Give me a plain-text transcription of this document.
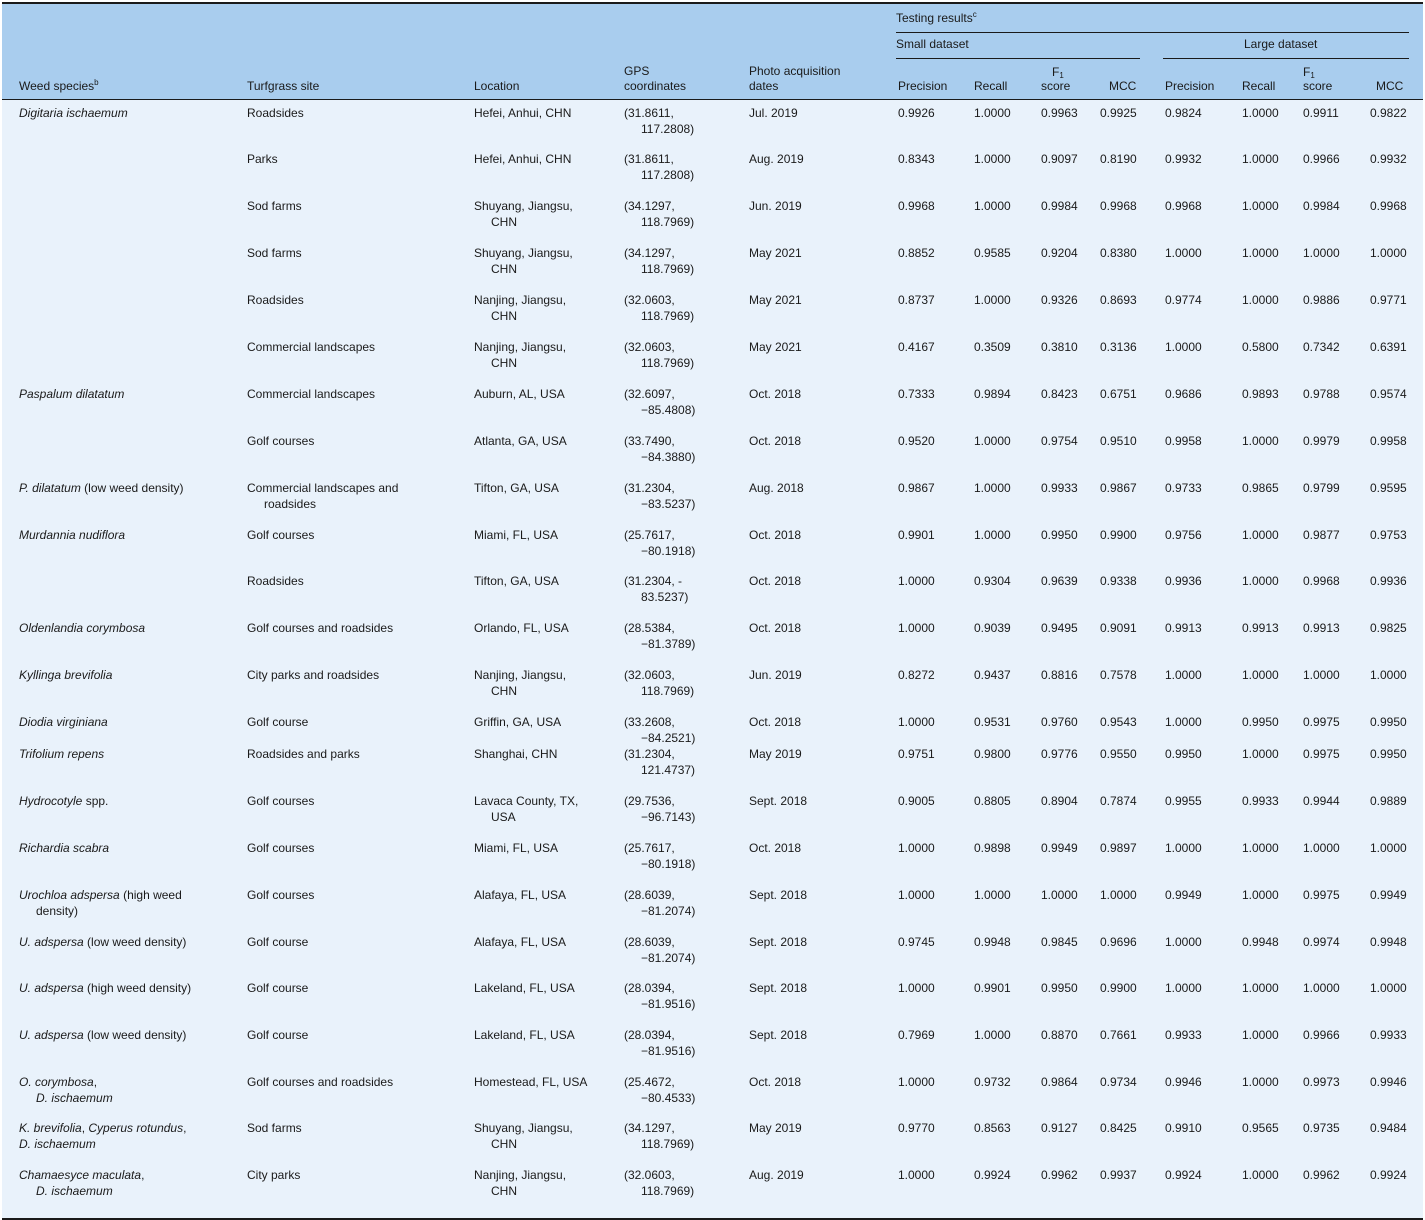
Testing results$^c$
Small dataset	Large dataset
Weed species$^b$	Turfgrass site	Location
GPS
coordinates
Photo acquisition
dates	Precision Recall
$F_1$
score	MCC Precision Recall
$F_1$
score	MCC
Digitaria ischaemum	Roadsides	Hefei, Anhui, CHN	(31.8611,
117.2808)
Jul. 2019	0.9926	1.0000	0.9963 0.9925 0.9824	1.0000 0.9911	0.9822
Parks	Hefei, Anhui, CHN	(31.8611,
117.2808)
Aug. 2019	0.8343	1.0000	0.9097 0.8190 0.9932	1.0000 0.9966	0.9932
Sod farms	Shuyang, Jiangsu,
CHN
(34.1297,
118.7969)
Jun. 2019	0.9968	1.0000	0.9984 0.9968 0.9968	1.0000 0.9984	0.9968
Sod farms	Shuyang, Jiangsu,
CHN
(34.1297,
118.7969)
May 2021	0.8852	0.9585	0.9204 0.8380 1.0000	1.0000 1.0000	1.0000
Roadsides	Nanjing, Jiangsu,
CHN
(32.0603,
118.7969)
May 2021	0.8737	1.0000	0.9326 0.8693 0.9774	1.0000 0.9886	0.9771
Commercial landscapes	Nanjing, Jiangsu,
CHN
(32.0603,
118.7969)
May 2021	0.4167	0.3509	0.3810 0.3136 1.0000	0.5800 0.7342	0.6391
Paspalum dilatatum	Commercial landscapes	Auburn, AL, USA	(32.6097,
−85.4808)
Oct. 2018	0.7333	0.9894	0.8423 0.6751 0.9686	0.9893 0.9788	0.9574
Golf courses	Atlanta, GA, USA	(33.7490,
−84.3880)
Oct. 2018	0.9520	1.0000	0.9754 0.9510 0.9958	1.0000 0.9979	0.9958
P. dilatatum (low weed density)	Commercial landscapes and
roadsides
Tifton, GA, USA	(31.2304,
−83.5237)
Aug. 2018	0.9867	1.0000	0.9933 0.9867 0.9733	0.9865 0.9799	0.9595
Murdannia nudiflora	Golf courses	Miami, FL, USA	(25.7617,
−80.1918)
Oct. 2018	0.9901	1.0000	0.9950 0.9900 0.9756	1.0000 0.9877	0.9753
Roadsides	Tifton, GA, USA	(31.2304, -
83.5237)
Oct. 2018	1.0000	0.9304	0.9639 0.9338 0.9936	1.0000 0.9968	0.9936
Oldenlandia corymbosa	Golf courses and roadsides	Orlando, FL, USA	(28.5384,
−81.3789)
Oct. 2018	1.0000	0.9039	0.9495 0.9091 0.9913	0.9913 0.9913	0.9825
Kyllinga brevifolia	City parks and roadsides	Nanjing, Jiangsu,
CHN
(32.0603,
118.7969)
Jun. 2019	0.8272	0.9437	0.8816 0.7578 1.0000	1.0000 1.0000	1.0000
Diodia virginiana	Golf course	Griffin, GA, USA	(33.2608,
−84.2521)
Oct. 2018	1.0000	0.9531	0.9760 0.9543 1.0000	0.9950 0.9975	0.9950
Trifolium repens	Roadsides and parks	Shanghai, CHN	(31.2304,
121.4737)
May 2019	0.9751	0.9800	0.9776 0.9550 0.9950	1.0000 0.9975	0.9950
Hydrocotyle spp.	Golf courses	Lavaca County, TX,
USA
(29.7536,
−96.7143)
Sept. 2018	0.9005	0.8805	0.8904 0.7874 0.9955	0.9933 0.9944	0.9889
Richardia scabra	Golf courses	Miami, FL, USA	(25.7617,
−80.1918)
Oct. 2018	1.0000	0.9898	0.9949 0.9897 1.0000	1.0000 1.0000	1.0000
Urochloa adspersa (high weed
density)
Golf courses	Alafaya, FL, USA	(28.6039,
−81.2074)
Sept. 2018	1.0000	1.0000	1.0000 1.0000 0.9949	1.0000 0.9975	0.9949
U. adspersa (low weed density)	Golf course	Alafaya, FL, USA	(28.6039,
−81.2074)
Sept. 2018	0.9745	0.9948	0.9845 0.9696 1.0000	0.9948 0.9974	0.9948
U. adspersa (high weed density)	Golf course	Lakeland, FL, USA	(28.0394,
−81.9516)
Sept. 2018	1.0000	0.9901	0.9950 0.9900 1.0000	1.0000 1.0000	1.0000
U. adspersa (low weed density)	Golf course	Lakeland, FL, USA	(28.0394,
−81.9516)
Sept. 2018	0.7969	1.0000	0.8870 0.7661 0.9933	1.0000 0.9966	0.9933
O. corymbosa,
D. ischaemum
Golf courses and roadsides	Homestead, FL, USA	(25.4672,
−80.4533)
Oct. 2018	1.0000	0.9732	0.9864 0.9734 0.9946	1.0000 0.9973	0.9946
K. brevifolia, Cyperus rotundus,
D. ischaemum
Sod farms	Shuyang, Jiangsu,
CHN
(34.1297,
118.7969)
May 2019	0.9770	0.8563	0.9127 0.8425 0.9910	0.9565 0.9735	0.9484
Chamaesyce maculata,
D. ischaemum
City parks	Nanjing, Jiangsu,
CHN
(32.0603,
118.7969)
Aug. 2019	1.0000	0.9924	0.9962 0.9937 0.9924	1.0000 0.9962	0.9924
